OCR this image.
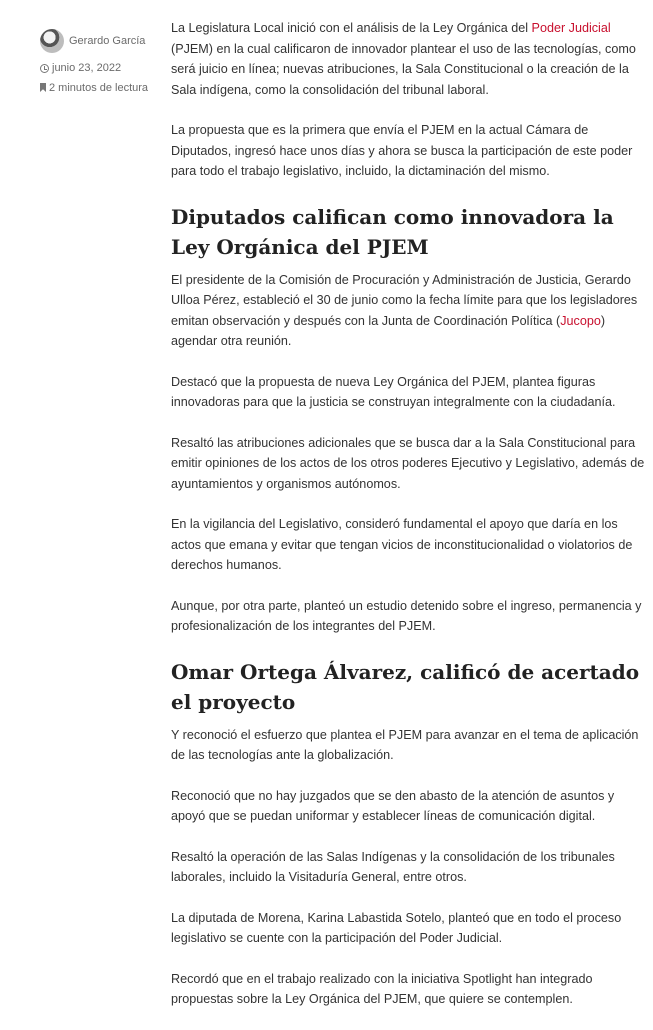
Gerardo García
junio 23, 2022
2 minutos de lectura

La Legislatura Local inició con el análisis de la Ley Orgánica del Poder Judicial (PJEM) en la cual calificaron de innovador plantear el uso de las tecnologías, como será juicio en línea; nuevas atribuciones, la Sala Constitucional o la creación de la Sala indígena, como la consolidación del tribunal laboral.

La propuesta que es la primera que envía el PJEM en la actual Cámara de Diputados, ingresó hace unos días y ahora se busca la participación de este poder para todo el trabajo legislativo, incluido, la dictaminación del mismo.

Diputados califican como innovadora la Ley Orgánica del PJEM

El presidente de la Comisión de Procuración y Administración de Justicia, Gerardo Ulloa Pérez, estableció el 30 de junio como la fecha límite para que los legisladores emitan observación y después con la Junta de Coordinación Política (Jucopo) agendar otra reunión.

Destacó que la propuesta de nueva Ley Orgánica del PJEM, plantea figuras innovadoras para que la justicia se construyan integralmente con la ciudadanía.

Resaltó las atribuciones adicionales que se busca dar a la Sala Constitucional para emitir opiniones de los actos de los otros poderes Ejecutivo y Legislativo, además de ayuntamientos y organismos autónomos.

En la vigilancia del Legislativo, consideró fundamental el apoyo que daría en los actos que emana y evitar que tengan vicios de inconstitucionalidad o violatorios de derechos humanos.

Aunque, por otra parte, planteó un estudio detenido sobre el ingreso, permanencia y profesionalización de los integrantes del PJEM.

Omar Ortega Álvarez, calificó de acertado el proyecto

Y reconoció el esfuerzo que plantea el PJEM para avanzar en el tema de aplicación de las tecnologías ante la globalización.

Reconoció que no hay juzgados que se den abasto de la atención de asuntos y apoyó que se puedan uniformar y establecer líneas de comunicación digital.

Resaltó la operación de las Salas Indígenas y la consolidación de los tribunales laborales, incluido la Visitaduría General, entre otros.

La diputada de Morena, Karina Labastida Sotelo, planteó que en todo el proceso legislativo se cuente con la participación del Poder Judicial.

Recordó que en el trabajo realizado con la iniciativa Spotlight han integrado propuestas sobre la Ley Orgánica del PJEM, que quiere se contemplen.
